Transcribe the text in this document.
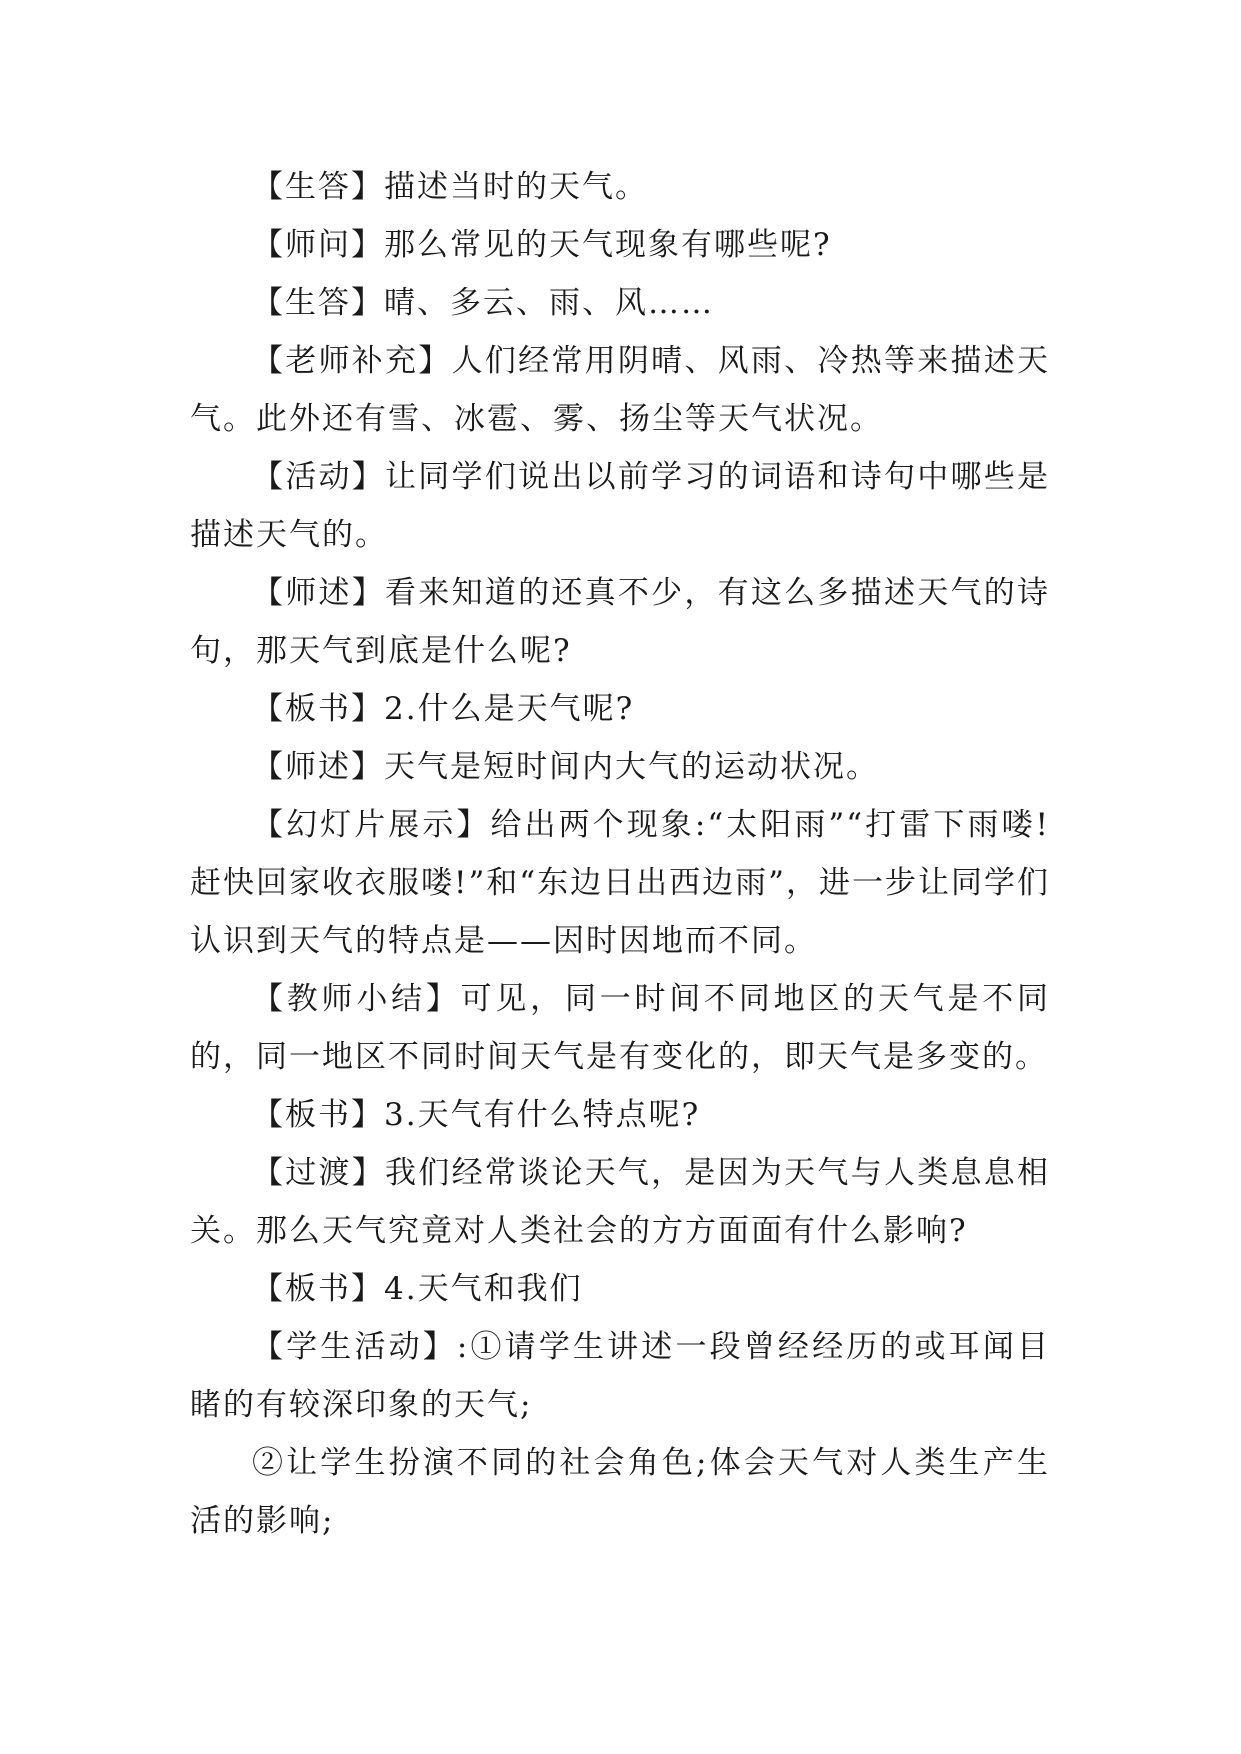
【生答】描述当时的天气。

【师问】那么常见的天气现象有哪些呢?

【生答】晴、多云、雨、风……

【老师补充】人们经常用阴晴、风雨、冷热等来描述天气。此外还有雪、冰雹、雾、扬尘等天气状况。

【活动】让同学们说出以前学习的词语和诗句中哪些是描述天气的。

【师述】看来知道的还真不少，有这么多描述天气的诗句，那天气到底是什么呢?

【板书】2.什么是天气呢?

【师述】天气是短时间内大气的运动状况。

【幻灯片展示】给出两个现象:“太阳雨”“打雷下雨喽!赶快回家收衣服喽!”和“东边日出西边雨”，进一步让同学们认识到天气的特点是——因时因地而不同。

【教师小结】可见，同一时间不同地区的天气是不同的，同一地区不同时间天气是有变化的，即天气是多变的。

【板书】3.天气有什么特点呢?

【过渡】我们经常谈论天气，是因为天气与人类息息相关。那么天气究竟对人类社会的方方面面有什么影响?

【板书】4.天气和我们

【学生活动】:①请学生讲述一段曾经经历的或耳闻目睹的有较深印象的天气;

②让学生扮演不同的社会角色;体会天气对人类生产生活的影响;
